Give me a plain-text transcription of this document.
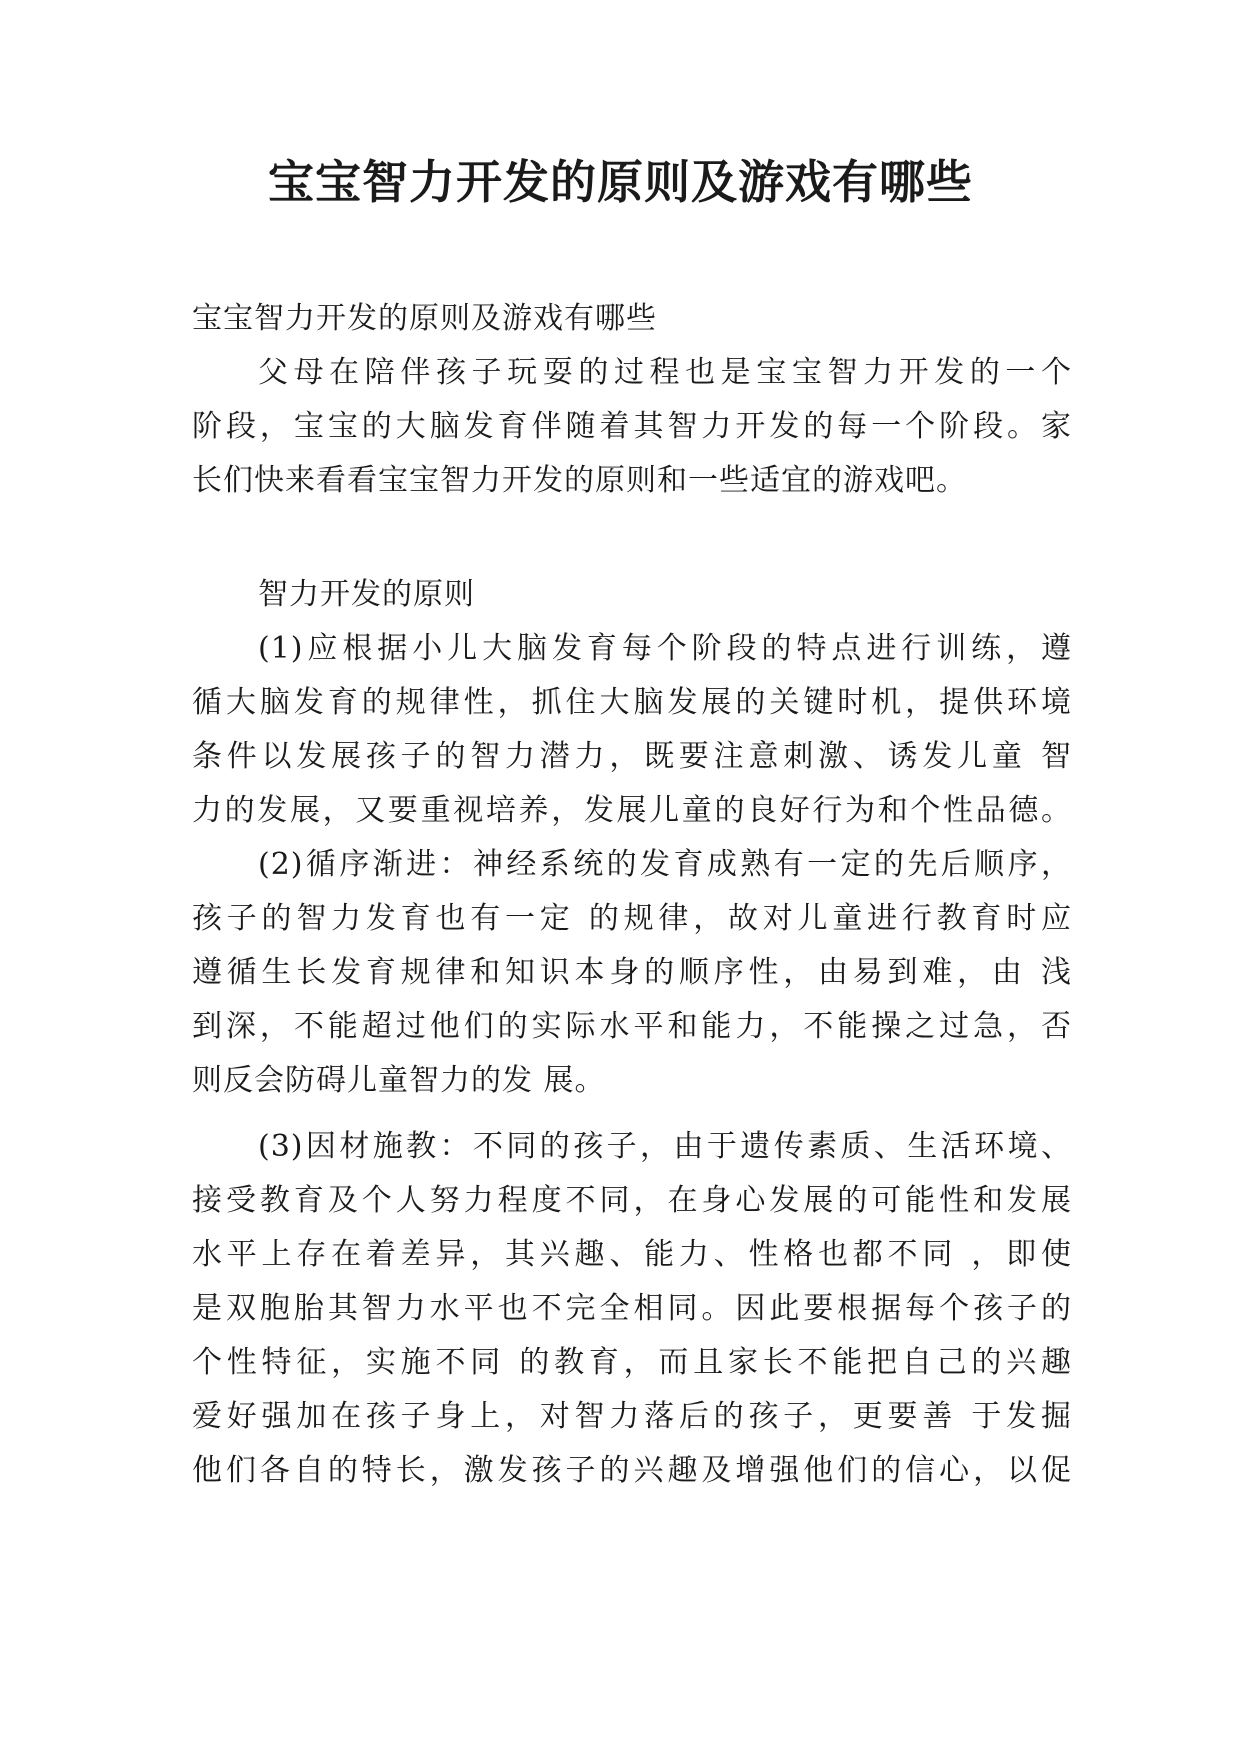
宝宝智力开发的原则及游戏有哪些
宝宝智力开发的原则及游戏有哪些
父母在陪伴孩子玩耍的过程也是宝宝智力开发的一个
阶段，宝宝的大脑发育伴随着其智力开发的每一个阶段。家
长们快来看看宝宝智力开发的原则和一些适宜的游戏吧。
智力开发的原则
(1)应根据小儿大脑发育每个阶段的特点进行训练，遵
循大脑发育的规律性，抓住大脑发展的关键时机，提供环境
条件以发展孩子的智力潜力，既要注意刺激、诱发儿童 智
力的发展，又要重视培养，发展儿童的良好行为和个性品德。
(2)循序渐进：神经系统的发育成熟有一定的先后顺序，
孩子的智力发育也有一定 的规律，故对儿童进行教育时应
遵循生长发育规律和知识本身的顺序性，由易到难，由 浅
到深，不能超过他们的实际水平和能力，不能操之过急，否
则反会防碍儿童智力的发 展。
(3)因材施教：不同的孩子，由于遗传素质、生活环境、
接受教育及个人努力程度不同，在身心发展的可能性和发展
水平上存在着差异，其兴趣、能力、性格也都不同 ，即使
是双胞胎其智力水平也不完全相同。因此要根据每个孩子的
个性特征，实施不同 的教育，而且家长不能把自己的兴趣
爱好强加在孩子身上，对智力落后的孩子，更要善 于发掘
他们各自的特长，激发孩子的兴趣及增强他们的信心，以促
